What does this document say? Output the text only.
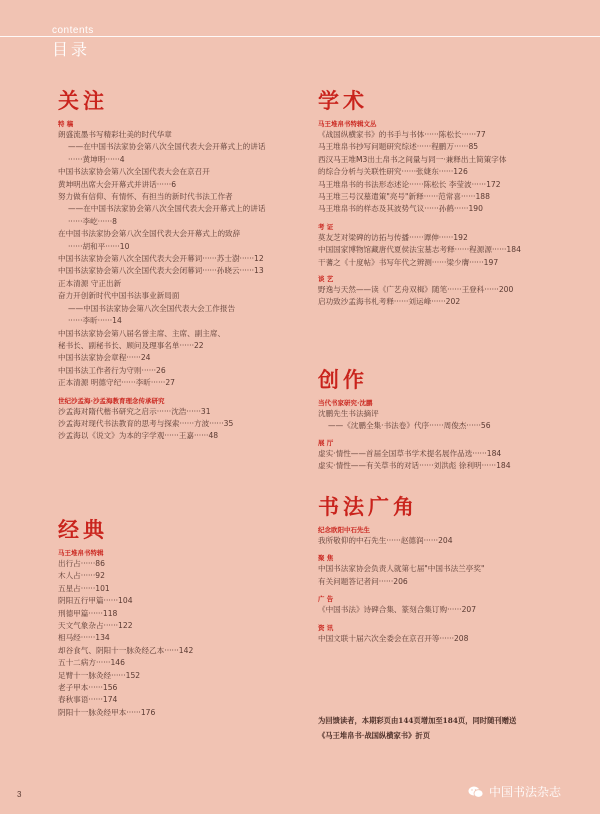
contents
目录
关注
特 稿
朗盛流墨书写精彩壮美的时代华章
——在中国书法家协会第八次全国代表大会开幕式上的讲话
······黄坤明······4
中国书法家协会第八次全国代表大会在京召开
黄坤明出席大会开幕式并讲话······6
努力做有信仰、有情怀、有担当的新时代书法工作者
——在中国书法家协会第八次全国代表大会开幕式上的讲话
······李屹······8
在中国书法家协会第八次全国代表大会开幕式上的致辞
······胡和平······10
中国书法家协会第八次全国代表大会开幕词······苏士澍······12
中国书法家协会第八次全国代表大会闭幕词······孙晓云······13
正本清源 守正出新
奋力开创新时代中国书法事业新局面
——中国书法家协会第八次全国代表大会工作报告
······李昕······14
中国书法家协会第八届名誉主席、主席、副主席、
秘书长、副秘书长、顾问及理事名单······22
中国书法家协会章程······24
中国书法工作者行为守则······26
正本清源 明德守纪······李昕······27
世纪沙孟海·沙孟海教育理念传承研究
沙孟海对隋代楷书研究之启示······沈浩······31
沙孟海对现代书法教育的思考与探索······方波······35
沙孟海以《说文》为本的字学观······王嘉······48
经典
马王堆帛书特辑
出行占······86
木人占······92
五星占······101
阴阳五行甲篇······104
刑德甲篇······118
天文气象杂占······122
相马经······134
却谷食气、阴阳十一脉灸经乙本······142
五十二病方······146
足臂十一脉灸经······152
老子甲本······156
春秋事语······174
阴阳十一脉灸经甲本······176
学术
马王堆帛书特辑文丛
《战国纵横家书》的书手与书体······陈松长······77
马王堆帛书抄写问题研究综述······程鹏万······85
西汉马王堆M3出土帛书之间量与同一·兼释出土简策字体
的综合分析与关联性研究······张婕东······126
马王堆帛书的书法形态述论······陈松长 李莹波······172
马王堆三号汉墓遣策"亮号"新释······范常喜······188
马王堆帛书的样态及其波势气议······孙鹤······190
考 证
莫友芝对梁碑的访拓与传播······谭伸······192
中国国家博物馆藏唐代夏侯法宝墓志考释······程源源······184
干蓍之《十度帖》书写年代之辨测······梁少膺······197
谈 艺
野逸与天然——读《广艺舟双楫》随笔······王登科······200
启功致沙孟海书札考释······刘运峰······202
创作
当代书家研究·沈鹏
沈鹏先生书法摘评
——《沈鹏全集·书法卷》代序······周俊杰······56
展 厅
虚实·情性——首届全国草书学术提名展作品选······184
虚实·情性——有关草书的对话······刘洪彪 徐利明······184
书法广角
纪念欧阳中石先生
我所敬仰的中石先生······赵德润······204
聚 焦
中国书法家协会负责人就第七届"中国书法兰亭奖"
有关问题答记者问······206
广 告
《中国书法》诗碑合集、篆刻合集订购······207
资 讯
中国文联十届六次全委会在京召开等······208
为回馈读者，本期彩页由144页增加至184页，同时随刊赠送
《马王堆帛书·战国纵横家书》折页
3	中国书法杂志
